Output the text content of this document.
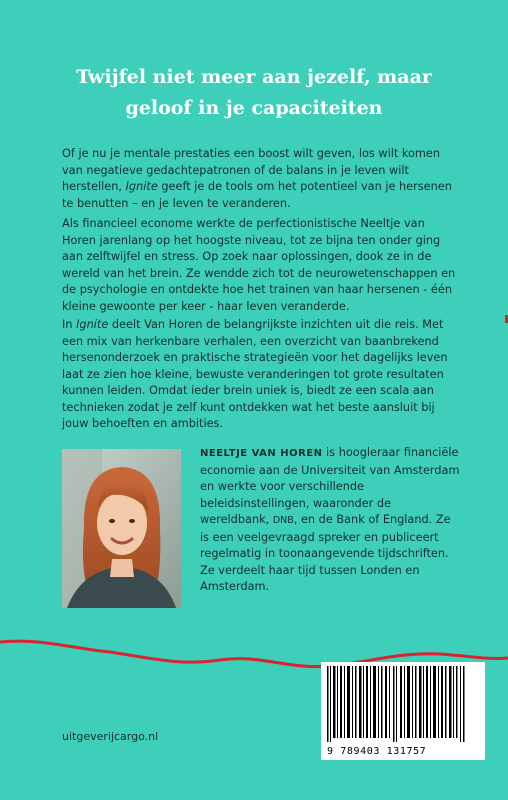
Twijfel niet meer aan jezelf, maar
geloof in je capaciteiten

Of je nu je mentale prestaties een boost wilt geven, los wilt komen van negatieve gedachtepatronen of de balans in je leven wilt herstellen, Ignite geeft je de tools om het potentieel van je hersenen te benutten – en je leven te veranderen.

Als financieel econome werkte de perfectionistische Neeltje van Horen jarenlang op het hoogste niveau, tot ze bijna ten onder ging aan zelftwijfel en stress. Op zoek naar oplossingen, dook ze in de wereld van het brein. Ze wendde zich tot de neurowetenschappen en de psychologie en ontdekte hoe het trainen van haar hersenen - één kleine gewoonte per keer - haar leven veranderde.

In Ignite deelt Van Horen de belangrijkste inzichten uit die reis. Met een mix van herkenbare verhalen, een overzicht van baanbrekend hersenonderzoek en praktische strategieën voor het dagelijks leven laat ze zien hoe kleine, bewuste veranderingen tot grote resultaten kunnen leiden. Omdat ieder brein uniek is, biedt ze een scala aan technieken zodat je zelf kunt ontdekken wat het beste aansluit bij jouw behoeften en ambities.

NEELTJE VAN HOREN is hoogleraar financiële economie aan de Universiteit van Amsterdam en werkte voor verschillende beleidsinstellingen, waaronder de wereldbank, DNB, en de Bank of England. Ze is een veelgevraagd spreker en publiceert regelmatig in toonaangevende tijdschriften. Ze verdeelt haar tijd tussen Londen en Amsterdam.

9 789403 131757
uitgeverijcargo.nl
